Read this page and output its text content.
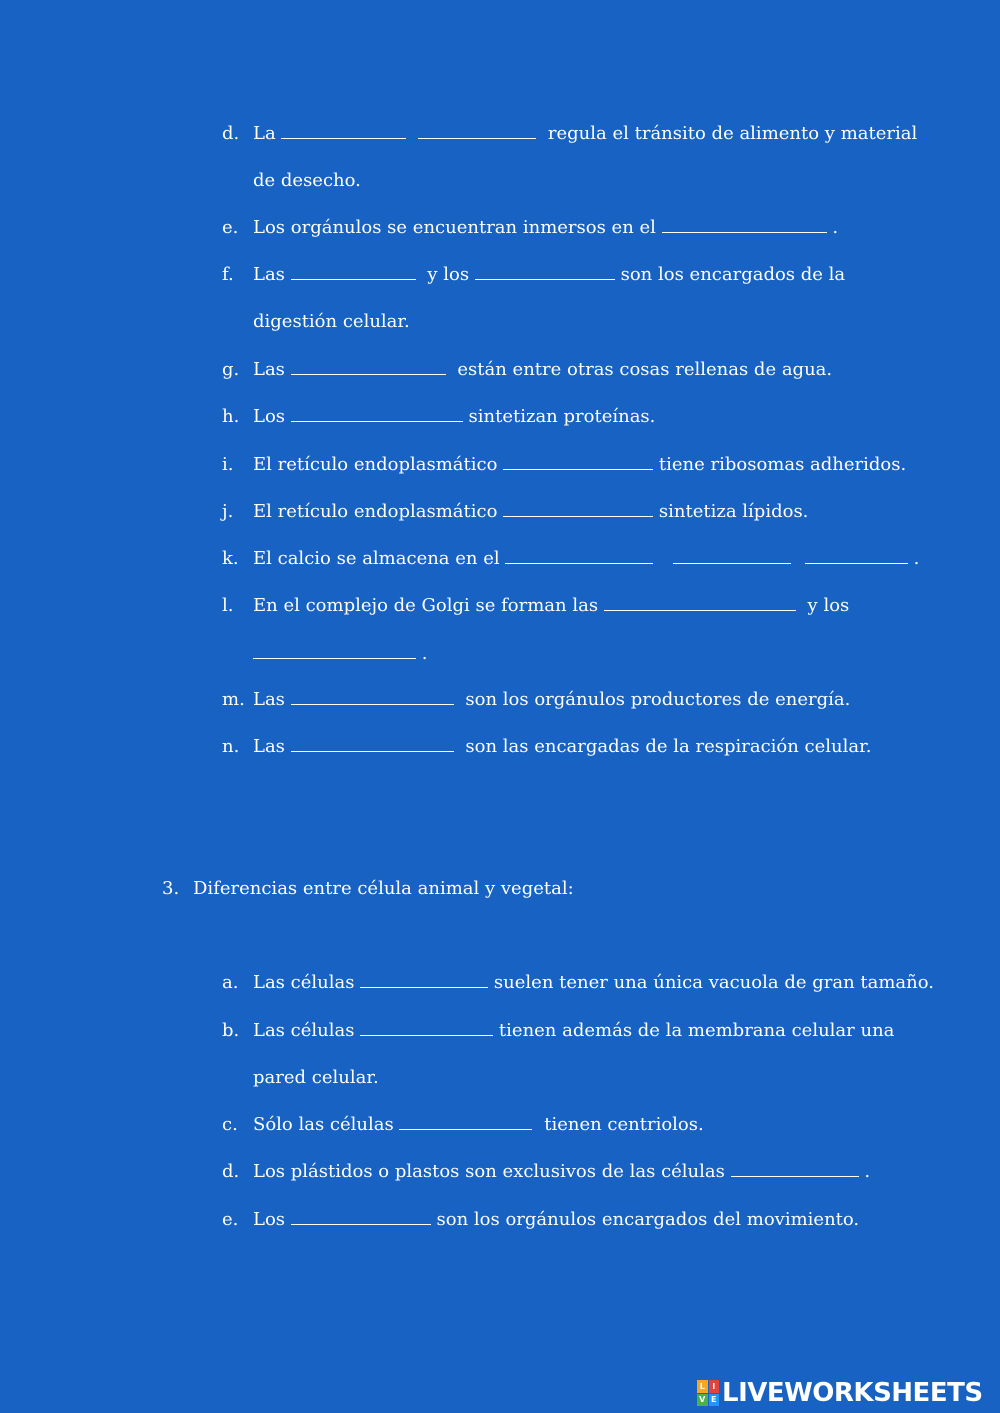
d. La	regula el tránsito de alimento y material
de desecho.
e. Los orgánulos se encuentran inmersos en el	.
f. Las	y los	son los encargados de la
digestión celular.
g. Las	están entre otras cosas rellenas de agua.
h. Los	sintetizan proteínas.
i. El retículo endoplasmático	tiene ribosomas adheridos.
j. El retículo endoplasmático	sintetiza lípidos.
k. El calcio se almacena en el	.
l. En el complejo de Golgi se forman las	y los
.
m. Las	son los orgánulos productores de energía.
n. Las	son las encargadas de la respiración celular.
3. Diferencias entre célula animal y vegetal:
a. Las células	suelen tener una única vacuola de gran tamaño.
b. Las células	tienen además de la membrana celular una
pared celular.
c. Sólo las células	tienen centriolos.
d. Los plástidos o plastos son exclusivos de las células	.
e. Los	son los orgánulos encargados del movimiento.
L I
V E LIVEWORKSHEETS
